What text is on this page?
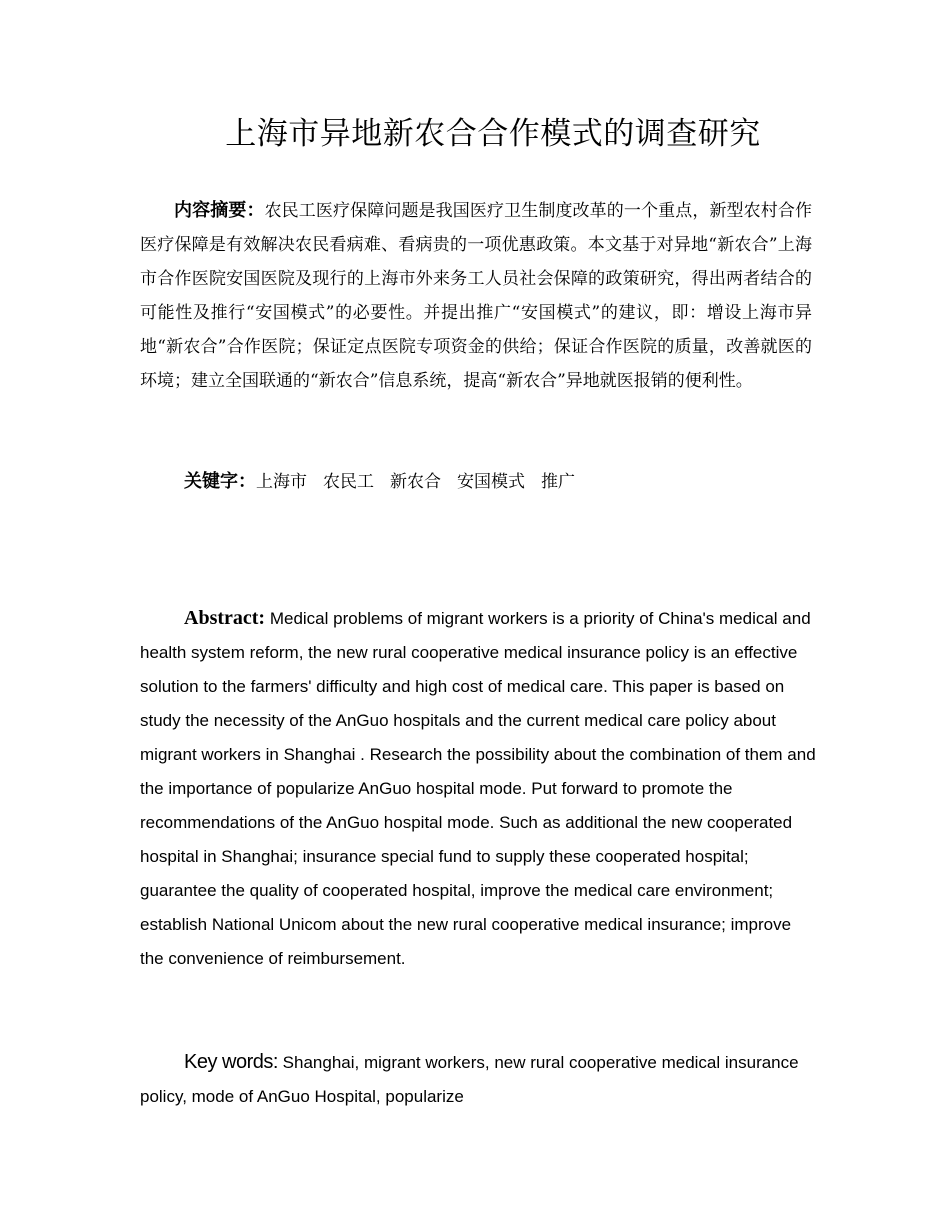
上海市异地新农合合作模式的调查研究
内容摘要：农民工医疗保障问题是我国医疗卫生制度改革的一个重点，新型农村合作医疗保障是有效解决农民看病难、看病贵的一项优惠政策。本文基于对异地“新农合”上海市合作医院安国医院及现行的上海市外来务工人员社会保障的政策研究，得出两者结合的可能性及推行“安国模式”的必要性。并提出推广“安国模式”的建议，即：增设上海市异地“新农合”合作医院；保证定点医院专项资金的供给；保证合作医院的质量，改善就医的环境；建立全国联通的“新农合”信息系统，提高“新农合”异地就医报销的便利性。
关键字：上海市 农民工 新农合 安国模式 推广
Abstract: Medical problems of migrant workers is a priority of China's medical and health system reform, the new rural cooperative medical insurance policy is an effective solution to the farmers' difficulty and high cost of medical care. This paper is based on study the necessity of the AnGuo hospitals and the current medical care policy about migrant workers in Shanghai . Research the possibility about the combination of them and the importance of popularize AnGuo hospital mode. Put forward to promote the recommendations of the AnGuo hospital mode. Such as additional the new cooperated hospital in Shanghai; insurance special fund to supply these cooperated hospital; guarantee the quality of cooperated hospital, improve the medical care environment; establish National Unicom about the new rural cooperative medical insurance; improve the convenience of reimbursement.
Key words: Shanghai, migrant workers, new rural cooperative medical insurance policy, mode of AnGuo Hospital, popularize
